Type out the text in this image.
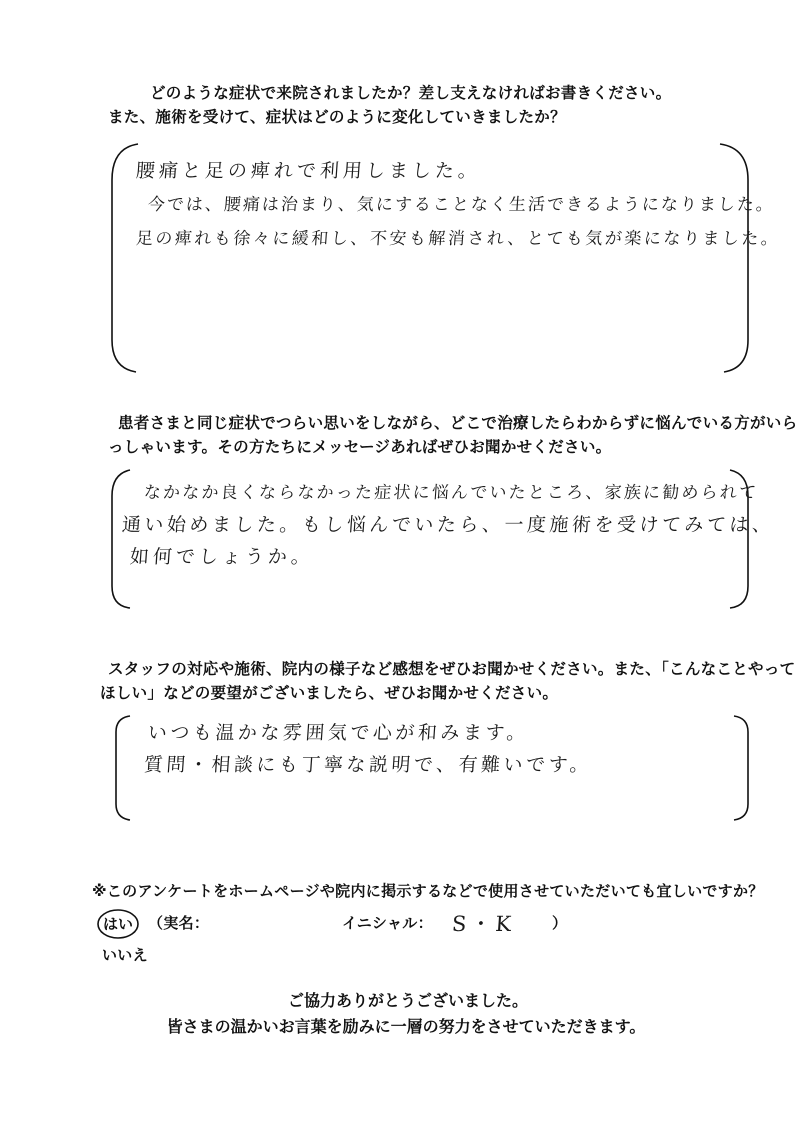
どのような症状で来院されましたか？差し支えなければお書きください。
また、施術を受けて、症状はどのように変化していきましたか？
腰痛と足の痺れで利用しました。
今では、腰痛は治まり、気にすることなく生活できるようになりました。
足の痺れも徐々に緩和し、不安も解消され、とても気が楽になりました。
患者さまと同じ症状でつらい思いをしながら、どこで治療したらわからずに悩んでいる方がいら
っしゃいます。その方たちにメッセージあればぜひお聞かせください。
なかなか良くならなかった症状に悩んでいたところ、家族に勧められて
通い始めました。もし悩んでいたら、一度施術を受けてみては、
如何でしょうか。
スタッフの対応や施術、院内の様子など感想をぜひお聞かせください。また、「こんなことやって
ほしい」などの要望がございましたら、ぜひお聞かせください。
いつも温かな雰囲気で心が和みます。
質問・相談にも丁寧な説明で、有難いです。
※このアンケートをホームページや院内に掲示するなどで使用させていただいても宜しいですか？
はい （実名：	イニシャル： S・K ）
いいえ
ご協力ありがとうございました。
皆さまの温かいお言葉を励みに一層の努力をさせていただきます。
